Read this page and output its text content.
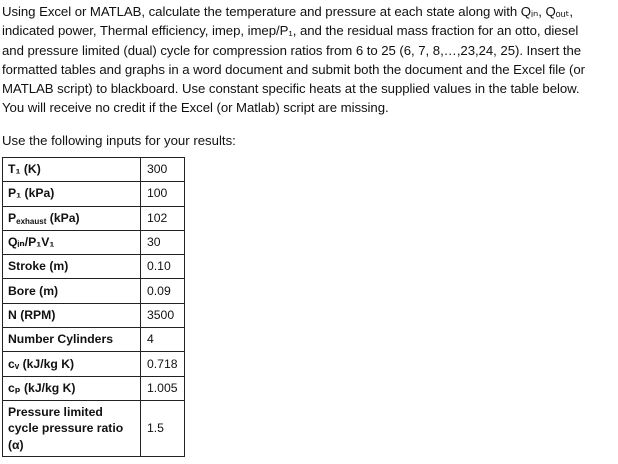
Using Excel or MATLAB, calculate the temperature and pressure at each state along with Qᵢₙ, Qₒᵤₜ,
indicated power, Thermal efficiency, imep, imep/P₁, and the residual mass fraction for an otto, diesel
and pressure limited (dual) cycle for compression ratios from 6 to 25 (6, 7, 8,…,23,24, 25). Insert the
formatted tables and graphs in a word document and submit both the document and the Excel file (or
MATLAB script) to blackboard. Use constant specific heats at the supplied values in the table below.
You will receive no credit if the Excel (or Matlab) script are missing.
Use the following inputs for your results:
T₁ (K)	300
P₁ (kPa)	100
$P_{exhaust}$ (kPa)	102
Qᵢₙ/P₁V₁	30
Stroke (m)	0.10
Bore (m)	0.09
N (RPM)	3500
Number Cylinders	4
cᵥ (kJ/kg K)	0.718
cₚ (kJ/kg K)	1.005
Pressure limited
cycle pressure ratio
(α)	1.5
